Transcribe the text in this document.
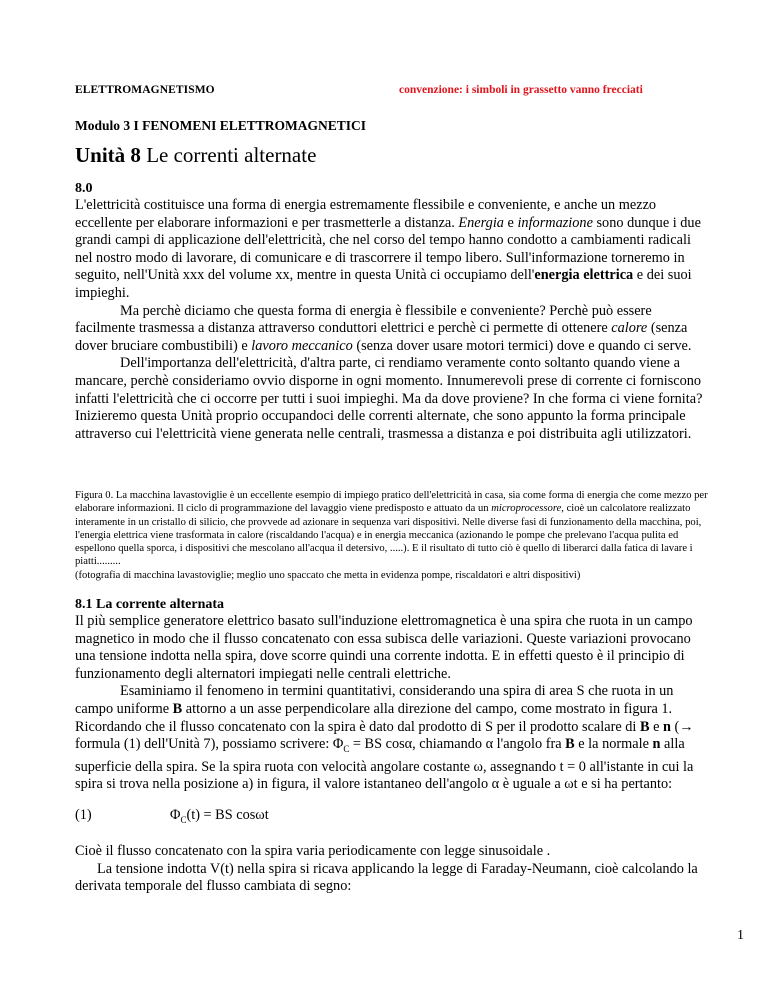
ELETTROMAGNETISMO	convenzione: i simboli in grassetto vanno frecciati
Modulo 3 I FENOMENI ELETTROMAGNETICI
Unità 8 Le correnti alternate
8.0

L'elettricità costituisce una forma di energia estremamente flessibile e conveniente, e anche un mezzo eccellente per elaborare informazioni e per trasmetterle a distanza. Energia e informazione sono dunque i due grandi campi di applicazione dell'elettricità, che nel corso del tempo hanno condotto a cambiamenti radicali nel nostro modo di lavorare, di comunicare e di trascorrere il tempo libero. Sull'informazione torneremo in seguito, nell'Unità xxx del volume xx, mentre in questa Unità ci occupiamo dell'energia elettrica e dei suoi impieghi.

Ma perchè diciamo che questa forma di energia è flessibile e conveniente? Perchè può essere facilmente trasmessa a distanza attraverso conduttori elettrici e perchè ci permette di ottenere calore (senza dover bruciare combustibili) e lavoro meccanico (senza dover usare motori termici) dove e quando ci serve.

Dell'importanza dell'elettricità, d'altra parte, ci rendiamo veramente conto soltanto quando viene a mancare, perchè consideriamo ovvio disporne in ogni momento. Innumerevoli prese di corrente ci forniscono infatti l'elettricità che ci occorre per tutti i suoi impieghi. Ma da dove proviene? In che forma ci viene fornita? Inizieremo questa Unità proprio occupandoci delle correnti alternate, che sono appunto la forma principale attraverso cui l'elettricità viene generata nelle centrali, trasmessa a distanza e poi distribuita agli utilizzatori.

Figura 0. La macchina lavastoviglie è un eccellente esempio di impiego pratico dell'elettricità in casa, sia come forma di energia che come mezzo per elaborare informazioni. Il ciclo di programmazione del lavaggio viene predisposto e attuato da un microprocessore, cioè un calcolatore realizzato interamente in un cristallo di silicio, che provvede ad azionare in sequenza vari dispositivi. Nelle diverse fasi di funzionamento della macchina, poi, l'energia elettrica viene trasformata in calore (riscaldando l'acqua) e in energia meccanica (azionando le pompe che prelevano l'acqua pulita ed espellono quella sporca, i dispositivi che mescolano all'acqua il detersivo, .....). E il risultato di tutto ciò è quello di liberarci dalla fatica di lavare i piatti.........

(fotografia di macchina lavastoviglie; meglio uno spaccato che metta in evidenza pompe, riscaldatori e altri dispositivi)

8.1 La corrente alternata

Il più semplice generatore elettrico basato sull'induzione elettromagnetica è una spira che ruota in un campo magnetico in modo che il flusso concatenato con essa subisca delle variazioni. Queste variazioni provocano una tensione indotta nella spira, dove scorre quindi una corrente indotta. E in effetti questo è il principio di funzionamento degli alternatori impiegati nelle centrali elettriche.

Esaminiamo il fenomeno in termini quantitativi, considerando una spira di area S che ruota in un campo uniforme B attorno a un asse perpendicolare alla direzione del campo, come mostrato in figura 1. Ricordando che il flusso concatenato con la spira è dato dal prodotto di S per il prodotto scalare di B e n (→ formula (1) dell'Unità 7), possiamo scrivere: $\Phi_C$ = BS cosα, chiamando α l'angolo fra B e la normale n alla superficie della spira. Se la spira ruota con velocità angolare costante ω, assegnando t = 0 all'istante in cui la spira si trova nella posizione a) in figura, il valore istantaneo dell'angolo α è uguale a ωt e si ha pertanto:

(1)	$\Phi_C(t)$ = BS cosωt

Cioè il flusso concatenato con la spira varia periodicamente con legge sinusoidale .

La tensione indotta V(t) nella spira si ricava applicando la legge di Faraday-Neumann, cioè calcolando la derivata temporale del flusso cambiata di segno:

1
